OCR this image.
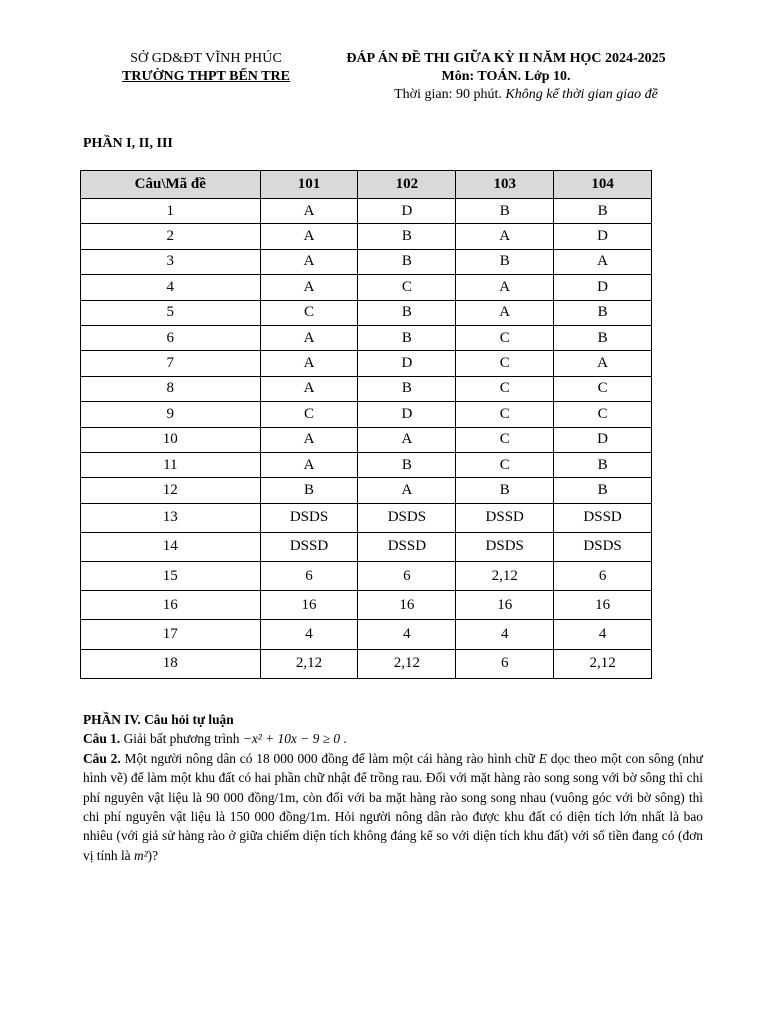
SỞ GD&ĐT VĨNH PHÚC
TRƯỜNG THPT BẾN TRE
ĐÁP ÁN ĐỀ THI GIỮA KỲ II NĂM HỌC 2024-2025
Môn: TOÁN. Lớp 10.
Thời gian: 90 phút. Không kể thời gian giao đề
PHẦN I, II, III
Câu\Mã đề	101	102	103	104
1	A	D	B	B
2	A	B	A	D
3	A	B	B	A
4	A	C	A	D
5	C	B	A	B
6	A	B	C	B
7	A	D	C	A
8	A	B	C	C
9	C	D	C	C
10	A	A	C	D
11	A	B	C	B
12	B	A	B	B
13	DSDS	DSDS	DSSD	DSSD
14	DSSD	DSSD	DSDS	DSDS
15	6	6	2,12	6
16	16	16	16	16
17	4	4	4	4
18	2,12	2,12	6	2,12
PHẦN IV. Câu hỏi tự luận
Câu 1. Giải bất phương trình −x² + 10x − 9 ≥ 0 .
Câu 2. Một người nông dân có 18 000 000 đồng để làm một cái hàng rào hình chữ E dọc theo một con sông (như hình vẽ) để làm một khu đất có hai phần chữ nhật để trồng rau. Đối với mặt hàng rào song song với bờ sông thì chi phí nguyên vật liệu là 90 000 đồng/1m, còn đối với ba mặt hàng rào song song nhau (vuông góc với bờ sông) thì chi phí nguyên vật liệu là 150 000 đồng/1m. Hỏi người nông dân rào được khu đất có diện tích lớn nhất là bao nhiêu (với giả sử hàng rào ở giữa chiếm diện tích không đáng kể so với diện tích khu đất) với số tiền đang có (đơn vị tính là m²)?
